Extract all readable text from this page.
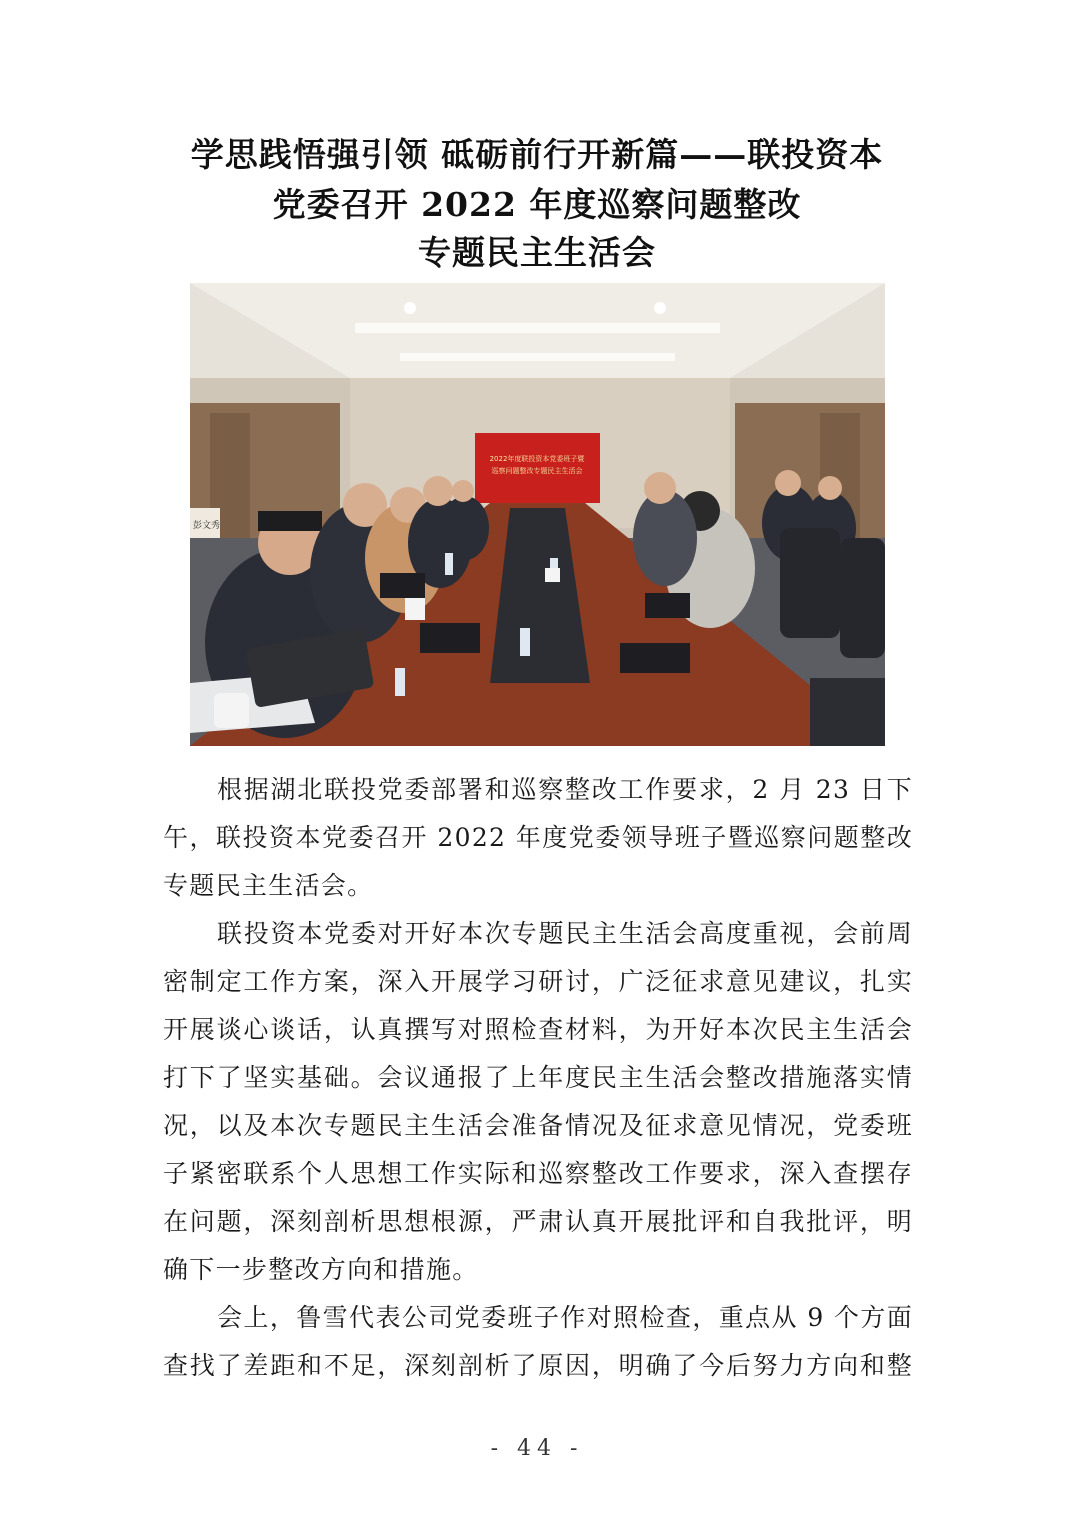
学思践悟强引领 砥砺前行开新篇——联投资本
党委召开 2022 年度巡察问题整改
专题民主生活会
2022年度联投资本党委班子暨
巡察问题整改专题民主生活会
彭文秀

根据湖北联投党委部署和巡察整改工作要求，2 月 23 日下
午，联投资本党委召开 2022 年度党委领导班子暨巡察问题整改
专题民主生活会。

联投资本党委对开好本次专题民主生活会高度重视，会前周
密制定工作方案，深入开展学习研讨，广泛征求意见建议，扎实
开展谈心谈话，认真撰写对照检查材料，为开好本次民主生活会
打下了坚实基础。会议通报了上年度民主生活会整改措施落实情
况，以及本次专题民主生活会准备情况及征求意见情况，党委班
子紧密联系个人思想工作实际和巡察整改工作要求，深入查摆存
在问题，深刻剖析思想根源，严肃认真开展批评和自我批评，明
确下一步整改方向和措施。

会上，鲁雪代表公司党委班子作对照检查，重点从 9 个方面
查找了差距和不足，深刻剖析了原因，明确了今后努力方向和整

- 44 -
